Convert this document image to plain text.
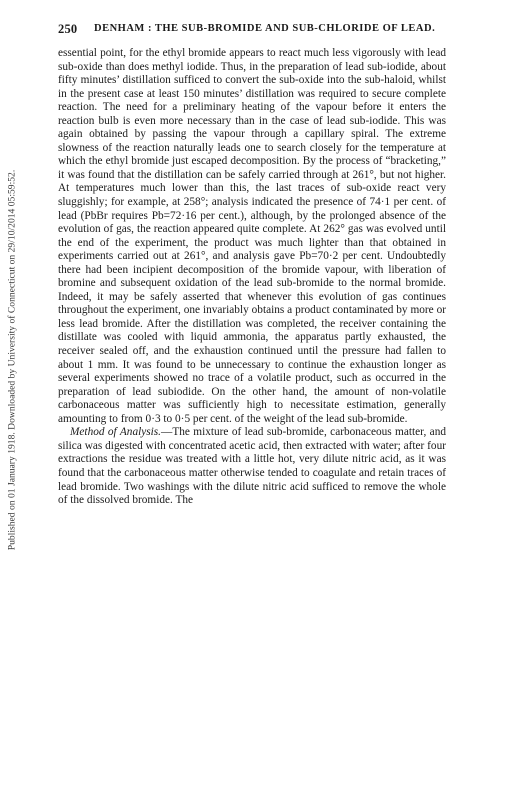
250 DENHAM : THE SUB-BROMIDE AND SUB-CHLORIDE OF LEAD.
Published on 01 January 1918. Downloaded by University of Connecticut on 29/10/2014 05:59:52.

essential point, for the ethyl bromide appears to react much less vigorously with lead sub-oxide than does methyl iodide. Thus, in the preparation of lead sub-iodide, about fifty minutes’ distillation sufficed to convert the sub-oxide into the sub-haloid, whilst in the present case at least 150 minutes’ distillation was required to secure complete reaction. The need for a preliminary heating of the vapour before it enters the reaction bulb is even more necessary than in the case of lead sub-iodide. This was again obtained by passing the vapour through a capillary spiral. The extreme slowness of the reaction naturally leads one to search closely for the temperature at which the ethyl bromide just escaped decomposition. By the process of “bracketing,” it was found that the distillation can be safely carried through at 261°, but not higher. At temperatures much lower than this, the last traces of sub-oxide react very sluggishly; for example, at 258°; analysis indicated the presence of 74·1 per cent. of lead (PbBr requires Pb=72·16 per cent.), although, by the prolonged absence of the evolution of gas, the reaction appeared quite complete. At 262° gas was evolved until the end of the experiment, the product was much lighter than that obtained in experiments carried out at 261°, and analysis gave Pb=70·2 per cent. Undoubtedly there had been incipient decomposition of the bromide vapour, with liberation of bromine and subsequent oxidation of the lead sub-bromide to the normal bromide. Indeed, it may be safely asserted that whenever this evolution of gas continues throughout the experiment, one invariably obtains a product contaminated by more or less lead bromide. After the distillation was completed, the receiver containing the distillate was cooled with liquid ammonia, the apparatus partly exhausted, the receiver sealed off, and the exhaustion continued until the pressure had fallen to about 1 mm. It was found to be unnecessary to continue the exhaustion longer as several experiments showed no trace of a volatile product, such as occurred in the preparation of lead subiodide. On the other hand, the amount of non-volatile carbonaceous matter was sufficiently high to necessitate estimation, generally amounting to from 0·3 to 0·5 per cent. of the weight of the lead sub-bromide.

Method of Analysis.—The mixture of lead sub-bromide, carbonaceous matter, and silica was digested with concentrated acetic acid, then extracted with water; after four extractions the residue was treated with a little hot, very dilute nitric acid, as it was found that the carbonaceous matter otherwise tended to coagulate and retain traces of lead bromide. Two washings with the dilute nitric acid sufficed to remove the whole of the dissolved bromide. The
